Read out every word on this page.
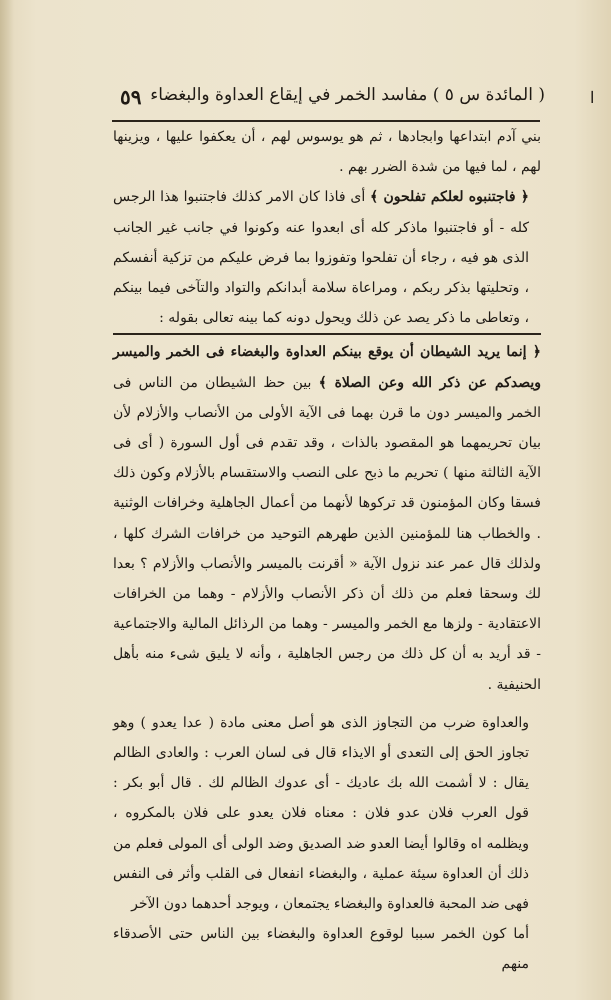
ا
( المائدة س ٥ ) مفاسد الخمر في إيقاع العداوة والبغضاء
٥٩

بني آدم ابتداعها وابجادها ، ثم هو يوسوس لهم ، أن يعكفوا عليها ، ويزينها لهم ، لما فيها من شدة الضرر بهم .

﴿ فاجتنبوه لعلكم تفلحون ﴾ أى فاذا كان الامر كذلك فاجتنبوا هذا الرجس كله - أو فاجتنبوا ماذكر كله أى ابعدوا عنه وكونوا في جانب غير الجانب الذى هو فيه ، رجاء أن تفلحوا وتفوزوا بما فرض عليكم من تزكية أنفسكم ، وتحليتها بذكر ربكم ، ومراعاة سلامة أبدانكم والتواد والتآخى فيما بينكم ، وتعاطى ما ذكر يصد عن ذلك ويحول دونه كما بينه تعالى بقوله :

﴿ إنما يريد الشيطان أن يوقع بينكم العداوة والبغضاء فى الخمر والميسر ويصدكم عن ذكر الله وعن الصلاة ﴾ بين حظ الشيطان من الناس فى الخمر والميسر دون ما قرن بهما فى الآية الأولى من الأنصاب والأزلام لأن بيان تحريمهما هو المقصود بالذات ، وقد تقدم فى أول السورة ( أى فى الآية الثالثة منها ) تحريم ما ذبح على النصب والاستقسام بالأزلام وكون ذلك فسقا وكان المؤمنون قد تركوها لأنهما من أعمال الجاهلية وخرافات الوثنية . والخطاب هنا للمؤمنين الذين طهرهم التوحيد من خرافات الشرك كلها ، ولذلك قال عمر عند نزول الآية « أقرنت بالميسر والأنصاب والأزلام ؟ بعدا لك وسحقا فعلم من ذلك أن ذكر الأنصاب والأزلام - وهما من الخرافات الاعتقادية - ولزها مع الخمر والميسر - وهما من الرذائل المالية والاجتماعية - قد أريد به أن كل ذلك من رجس الجاهلية ، وأنه لا يليق شىء منه بأهل الحنيفية .

والعداوة ضرب من التجاوز الذى هو أصل معنى مادة ( عدا يعدو ) وهو تجاوز الحق إلى التعدى أو الايذاء قال فى لسان العرب : والعادى الظالم يقال : لا أشمت الله بك عاديك - أى عدوك الظالم لك . قال أبو بكر : قول العرب فلان عدو فلان : معناه فلان يعدو على فلان بالمكروه ، ويظلمه اه وقالوا أيضا العدو ضد الصديق وضد الولى أى المولى فعلم من ذلك أن العداوة سيئة عملية ، والبغضاء انفعال فى القلب وأثر فى النفس فهى ضد المحبة فالعداوة والبغضاء يجتمعان ، ويوجد أحدهما دون الآخر

أما كون الخمر سببا لوقوع العداوة والبغضاء بين الناس حتى الأصدقاء منهم
